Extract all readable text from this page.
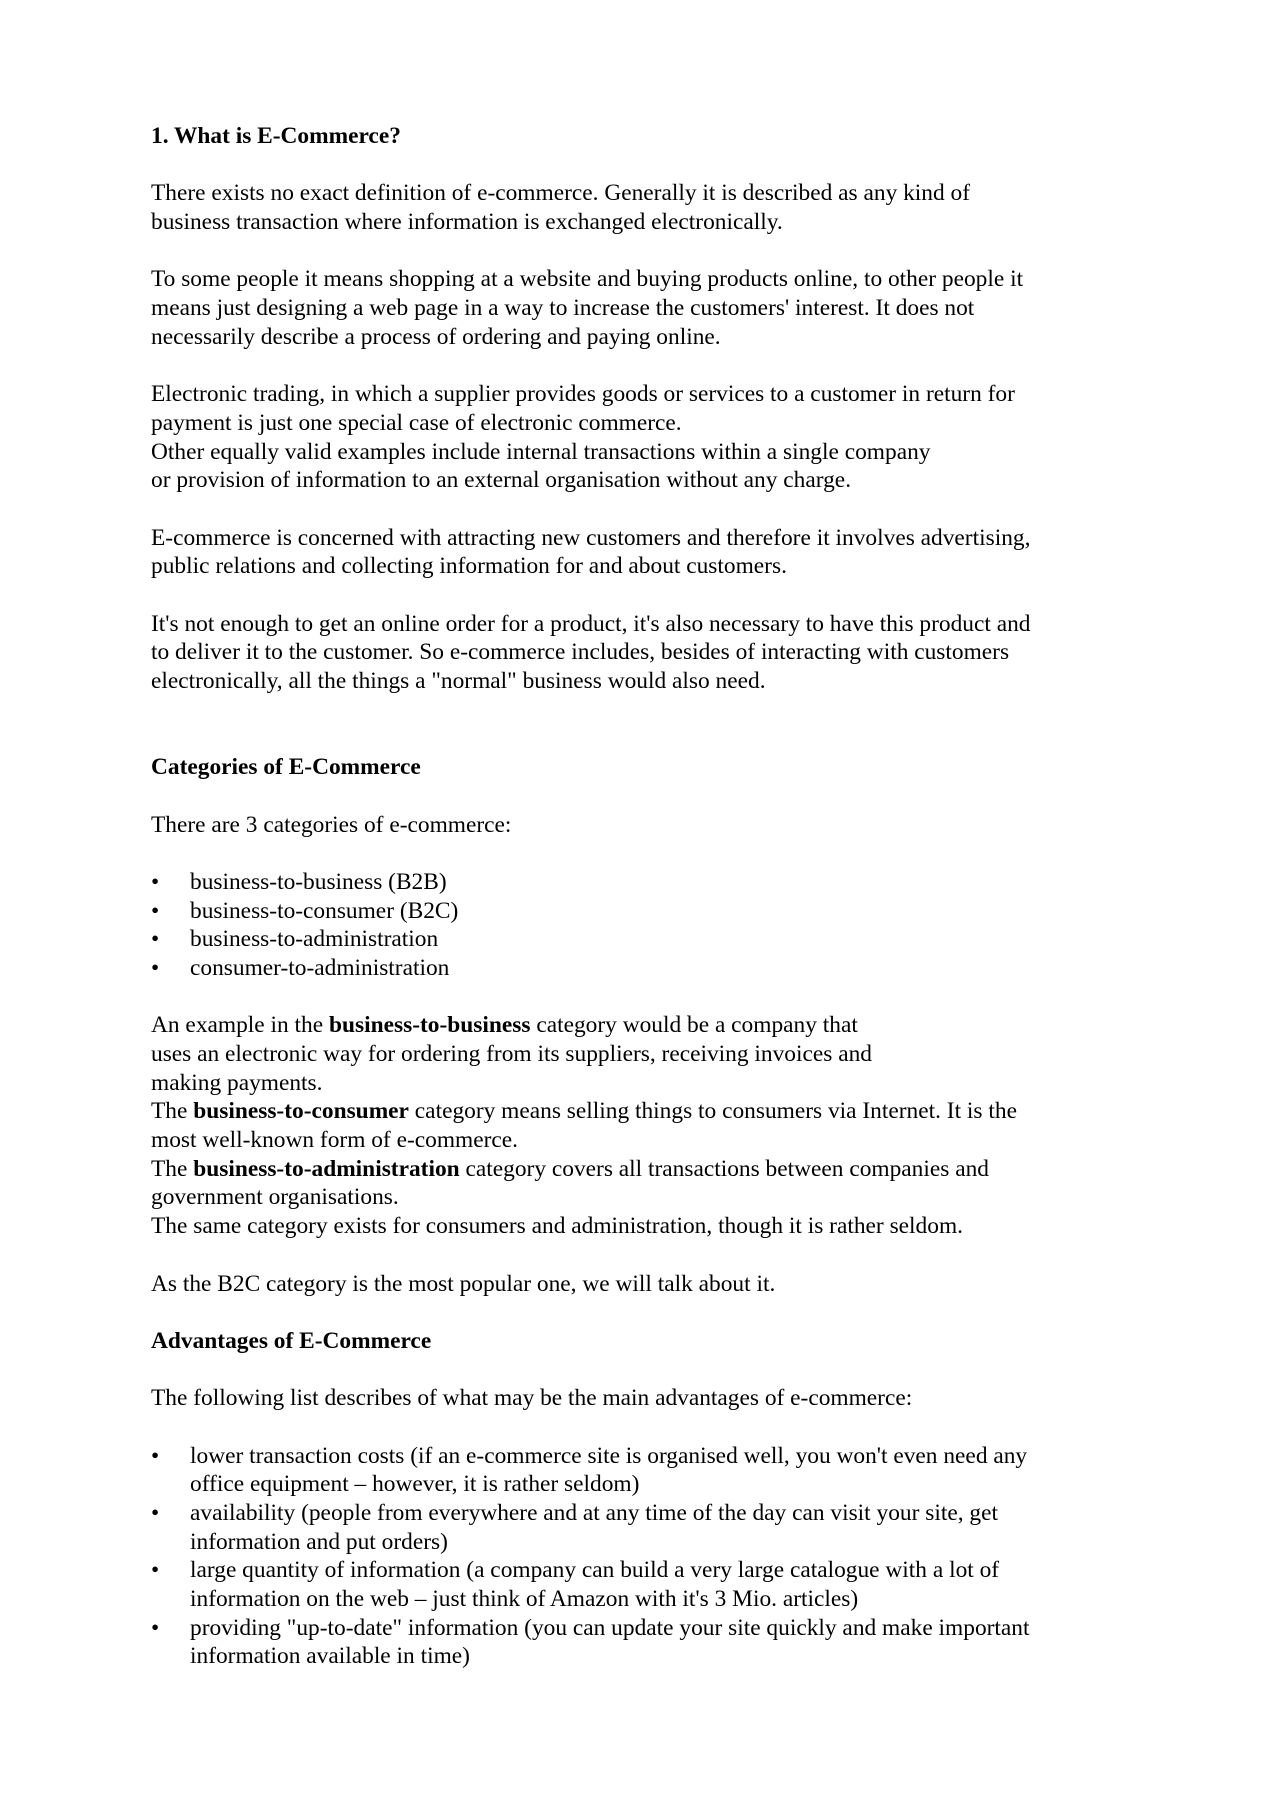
1. What is E-Commerce?
There exists no exact definition of e-commerce. Generally it is described as any kind of
business transaction where information is exchanged electronically.
To some people it means shopping at a website and buying products online, to other people it
means just designing a web page in a way to increase the customers' interest. It does not
necessarily describe a process of ordering and paying online.
Electronic trading, in which a supplier provides goods or services to a customer in return for
payment is just one special case of electronic commerce.
Other equally valid examples include internal transactions within a single company
or provision of information to an external organisation without any charge.
E-commerce is concerned with attracting new customers and therefore it involves advertising,
public relations and collecting information for and about customers.
It's not enough to get an online order for a product, it's also necessary to have this product and
to deliver it to the customer. So e-commerce includes, besides of interacting with customers
electronically, all the things a "normal" business would also need.
Categories of E-Commerce
There are 3 categories of e-commerce:
• business-to-business (B2B)
• business-to-consumer (B2C)
• business-to-administration
• consumer-to-administration
An example in the business-to-business category would be a company that
uses an electronic way for ordering from its suppliers, receiving invoices and
making payments.
The business-to-consumer category means selling things to consumers via Internet. It is the
most well-known form of e-commerce.
The business-to-administration category covers all transactions between companies and
government organisations.
The same category exists for consumers and administration, though it is rather seldom.
As the B2C category is the most popular one, we will talk about it.
Advantages of E-Commerce
The following list describes of what may be the main advantages of e-commerce:
• lower transaction costs (if an e-commerce site is organised well, you won't even need any
office equipment – however, it is rather seldom)
• availability (people from everywhere and at any time of the day can visit your site, get
information and put orders)
• large quantity of information (a company can build a very large catalogue with a lot of
information on the web – just think of Amazon with it's 3 Mio. articles)
• providing "up-to-date" information (you can update your site quickly and make important
information available in time)
